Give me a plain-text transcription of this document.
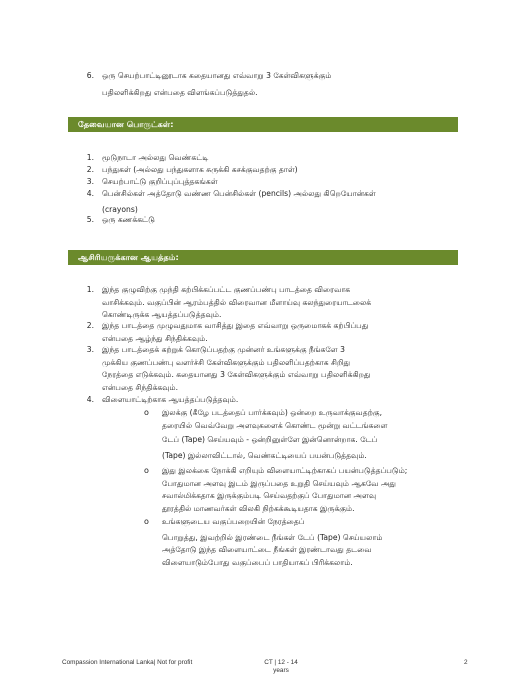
6. ஒரு செயற்பாட்டினூடாக கதையானது எவ்வாறு 3 கேள்விகளுக்கும்
பதிலளிக்கிறது என்பதை விளங்கப்படுத்துதல்.
தேவையான பொருட்கள்:
1. மூடுநாடா அல்லது வெண்கட்டி
2. பந்துகள் (அல்லது பந்துகளாக சுருக்கி கசக்குவதற்கு தாள்)
3. செயற்பாட்டு குறிப்புப்புத்தகங்கள்
4. பென்சில்கள் அத்தோடு வண்ண பென்சில்கள் (pencils) அல்லது கிறெயோன்கள்
(crayons)
5. ஒரு கணக்கட்டு
ஆசிரியருக்கான ஆயத்தம்:
1. இந்த குழுவிற்கு முந்தி கற்பிக்கப்பட்ட குணப்பண்பு பாடத்தை விரைவாக
வாசிக்கவும். வகுப்பின் ஆரம்பத்தில் விரைவான மீளாய்வு கலந்துரையாடலைக்
கொண்டிருக்க ஆயத்தப்படுத்தவும்.
2. இந்த பாடத்தை முழுவதுமாக வாசித்து இதை எவ்வாறு ஒருமைாகக் கற்பிப்பது
என்பதை ஆழ்ந்து சிந்திக்கவும்.
3. இந்த பாடத்தைக் கற்றுக் கொடுப்பதற்கு முன்னர் உங்களுக்கு நீங்களே 3
முக்கிய குணப்பண்பு வளர்ச்சி கேள்விகளுக்கும் பதிலளிப்பதற்காக சிறிது
நேரத்தை எடுக்கவும். கதையானது 3 கேள்விகளுக்கும் எவ்வாறு பதிலளிக்கிறது
என்பதை சிந்திக்கவும்.
4. விளையாட்டிற்காக ஆயத்தப்படுத்தவும்.
o இலக்கு (கீழே படத்தைப் பார்க்கவும்) ஒன்றை உருவாக்குவதற்கு,
தரையில் வெவ்வேறு அளவுகளைக் கொண்ட மூன்று வட்டங்களை
டேப் (Tape) செய்யவும் - ஒன்றினுள்ளே இன்னொன்றாக. டேப்
(Tape) இல்லாவிட்டால், வெண்கட்டியைப் பயன்படுத்தவும்.
o இது இலக்கை நோக்கி எறியும் விளையாட்டிற்காகப் பயன்படுத்தப்படும்;
போதுமான அளவு இடம் இருப்பதை உறுதி செய்யவும் ஆகவே அது
சவால்மிக்கதாக இருக்கும்படி செய்வதற்குப் போதுமான அளவு
தூரத்தில் மாணவர்கள் விலகி நிற்கக்கூடியதாக இருக்கும்.
o உங்களுடைய வகுப்பறையின் நேரத்தைப்
பொறுத்து, இவற்றில் இரண்டை நீங்கள் டேப் (Tape) செய்யலாம்
அத்தோடு இந்த விளையாட்டை நீங்கள் இரண்டாவது தடவை
விளையாடும்போது வகுப்பைப் பாதியாகப் பிரிக்கலாம்.
Compassion International Lanka| Not for profit	CT | 12 - 14
years
2
